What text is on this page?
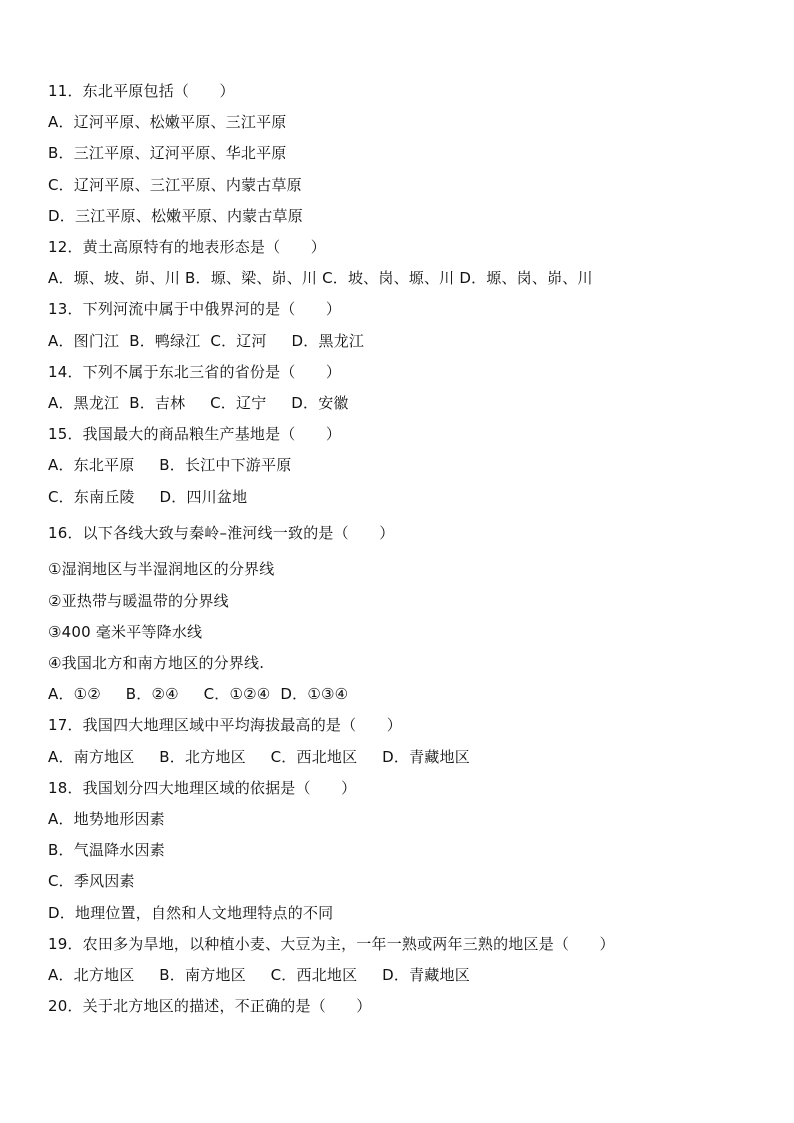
11．东北平原包括（　　）
A．辽河平原、松嫩平原、三江平原
B．三江平原、辽河平原、华北平原
C．辽河平原、三江平原、内蒙古草原
D．三江平原、松嫩平原、内蒙古草原
12．黄土高原特有的地表形态是（　　）
A．塬、坡、峁、川 B．塬、梁、峁、川 C．坡、岗、塬、川 D．塬、岗、峁、川
13．下列河流中属于中俄界河的是（　　）
A．图门江  B．鸭绿江  C．辽河     D．黑龙江
14．下列不属于东北三省的省份是（　　）
A．黑龙江  B．吉林     C．辽宁     D．安徽
15．我国最大的商品粮生产基地是（　　）
A．东北平原     B．长江中下游平原
C．东南丘陵     D．四川盆地
16．以下各线大致与秦岭–淮河线一致的是（　　）
①湿润地区与半湿润地区的分界线
②亚热带与暖温带的分界线
③400 毫米平等降水线
④我国北方和南方地区的分界线.
A．①②     B．②④     C．①②④  D．①③④
17．我国四大地理区域中平均海拔最高的是（　　）
A．南方地区     B．北方地区     C．西北地区     D．青藏地区
18．我国划分四大地理区域的依据是（　　）
A．地势地形因素
B．气温降水因素
C．季风因素
D．地理位置，自然和人文地理特点的不同
19．农田多为旱地，以种植小麦、大豆为主，一年一熟或两年三熟的地区是（　　）
A．北方地区     B．南方地区     C．西北地区     D．青藏地区
20．关于北方地区的描述，不正确的是（　　）
